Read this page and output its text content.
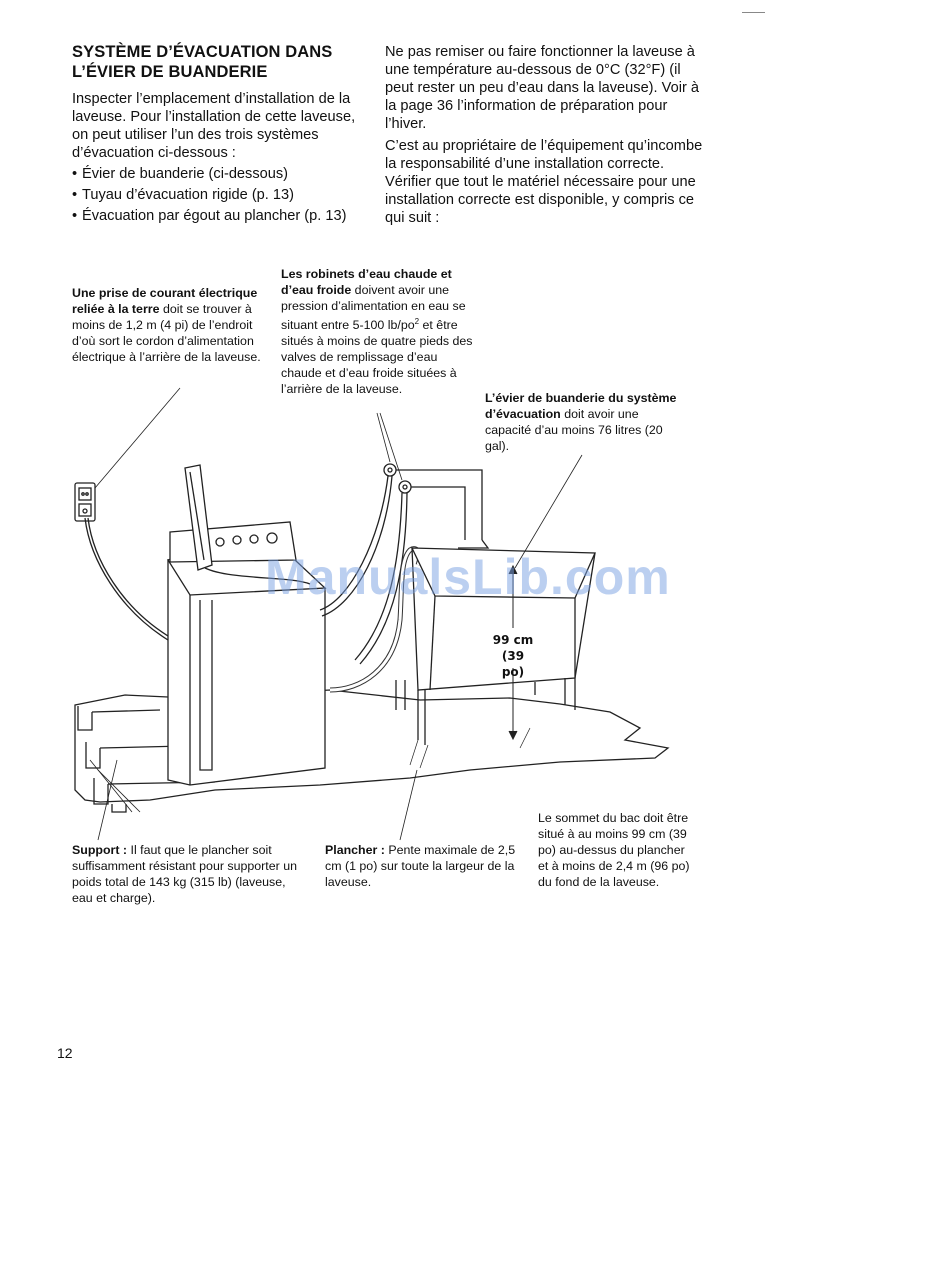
SYSTÈME D’ÉVACUATION DANS
L’ÉVIER DE BUANDERIE
Inspecter l’emplacement d’installation de la laveuse. Pour l’installation de cette laveuse, on peut utiliser l’un des trois systèmes d’évacuation ci-dessous :
• Évier de buanderie (ci-dessous)
• Tuyau d’évacuation rigide (p. 13)
• Évacuation par égout au plancher (p. 13)
Ne pas remiser ou faire fonctionner la laveuse à une température au-dessous de 0°C (32°F) (il peut rester un peu d’eau dans la laveuse). Voir à la page 36 l’information de préparation pour l’hiver.
C’est au propriétaire de l’équipement qu’incombe la responsabilité d’une installation correcte. Vérifier que tout le matériel nécessaire pour une installation correcte est disponible, y compris ce qui suit :
99 cm
(39 po)
Une prise de courant électrique reliée à la terre doit se trouver à moins de 1,2 m (4 pi) de l’endroit d’où sort le cordon d’alimentation électrique à l’arrière de la laveuse.
Les robinets d’eau chaude et d’eau froide doivent avoir une pression d’alimentation en eau se situant entre 5-100 $lb/po^2$ et être situés à moins de quatre pieds des valves de remplissage d’eau chaude et d’eau froide situées à l’arrière de la laveuse.
L’évier de buanderie du système d’évacuation doit avoir une capacité d’au moins 76 litres (20 gal).
Support : Il faut que le plancher soit suffisamment résistant pour supporter un poids total de 143 kg (315 lb) (laveuse, eau et charge).
Plancher : Pente maximale de 2,5 cm (1 po) sur toute la largeur de la laveuse.
Le sommet du bac doit être situé à au moins 99 cm (39 po) au-dessus du plancher et à moins de 2,4 m (96 po) du fond de la laveuse.
ManualsLib.com
12
